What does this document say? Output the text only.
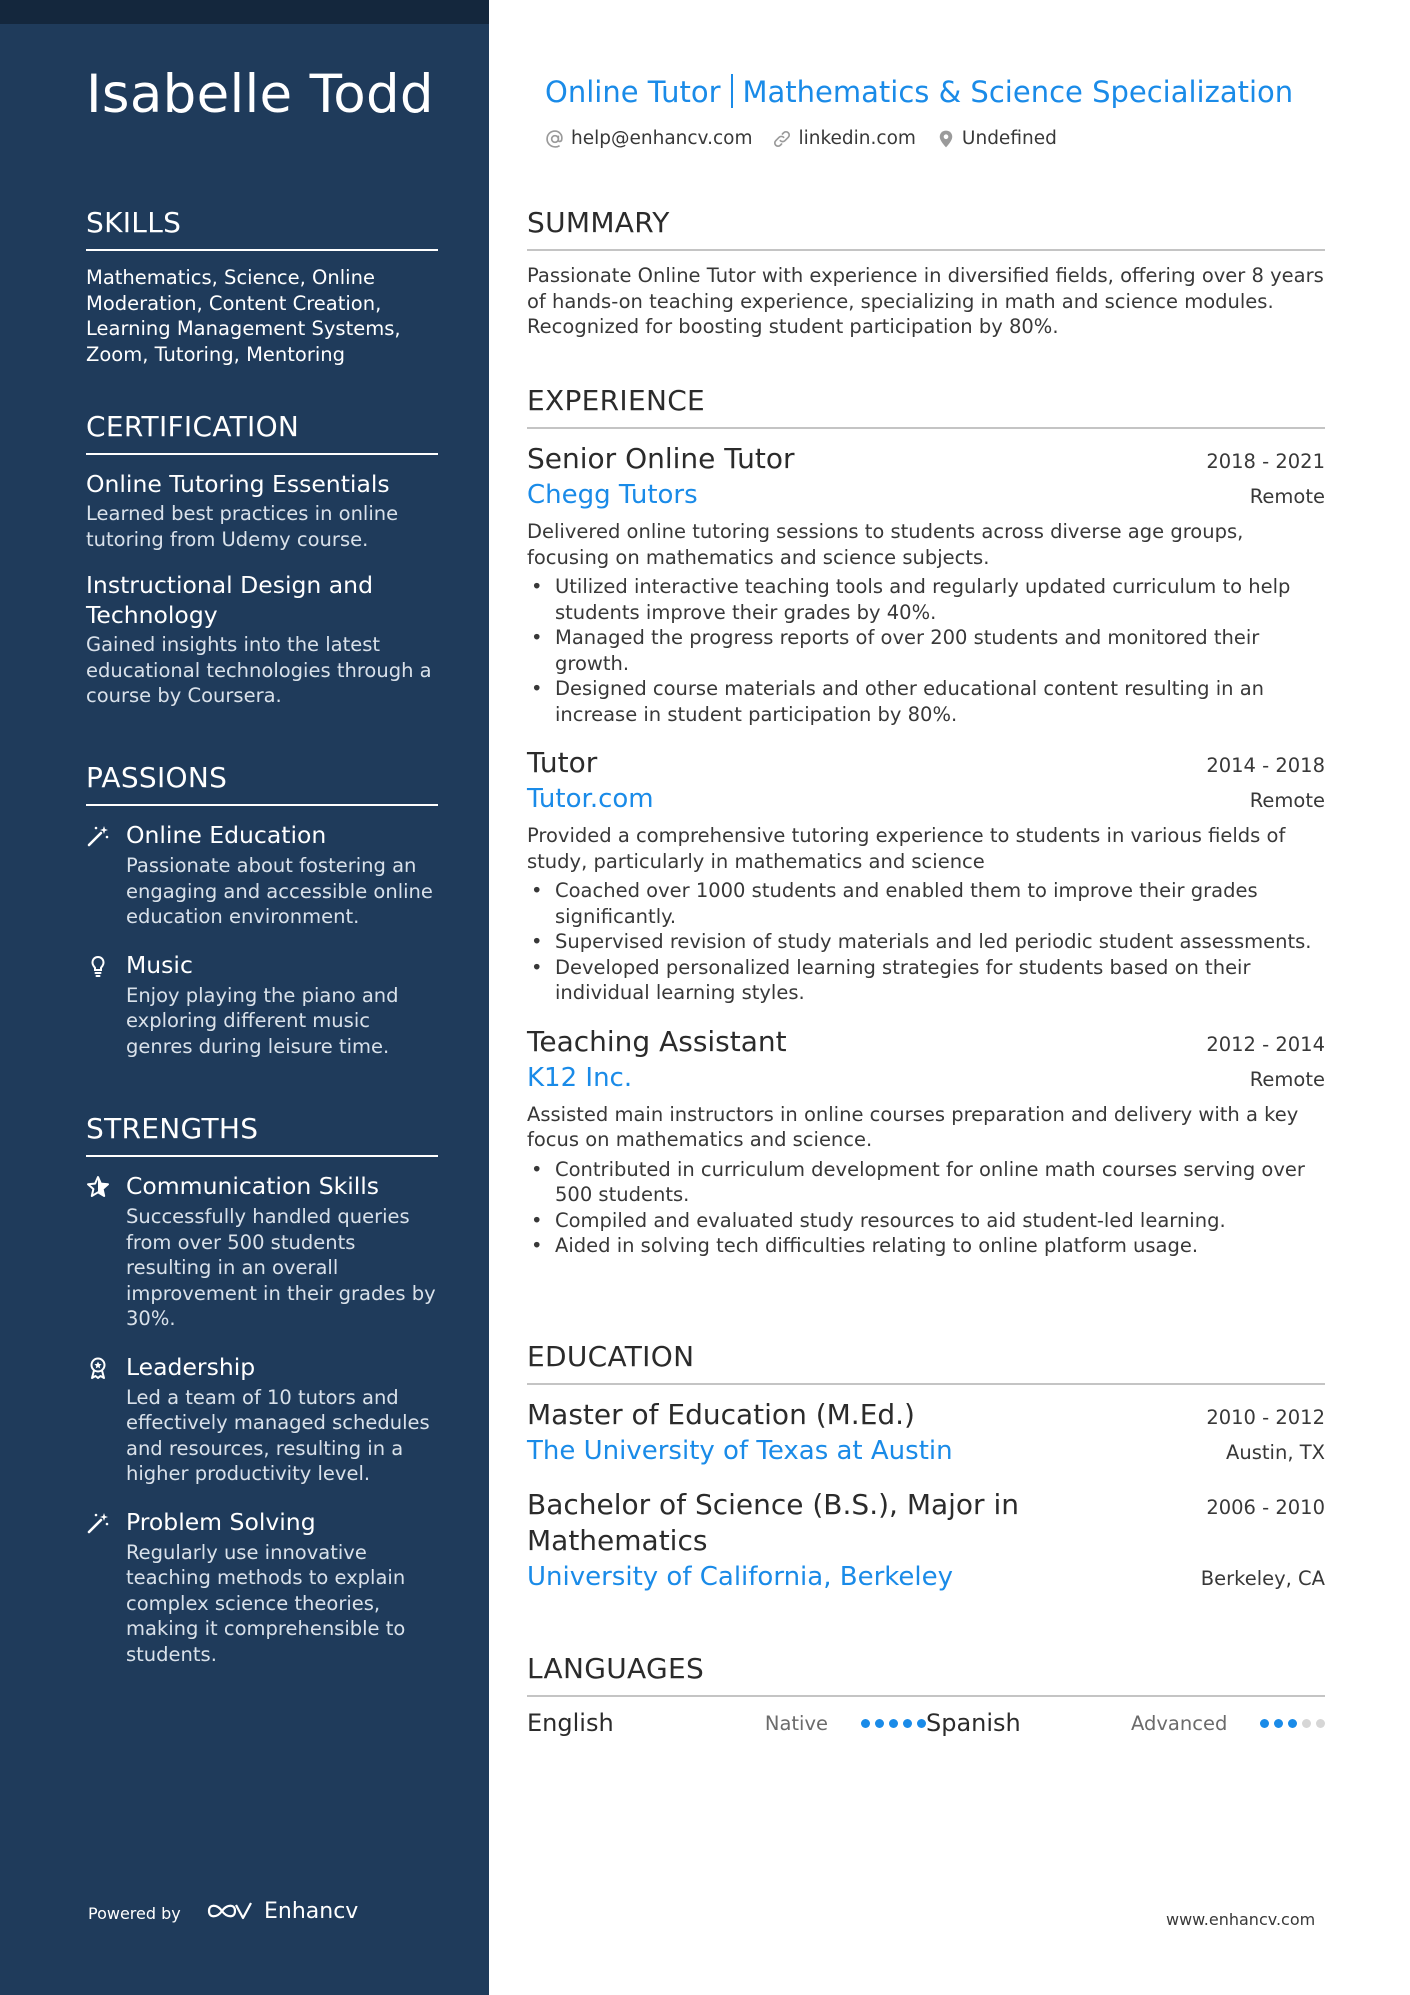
Isabelle Todd
SKILLS
Mathematics, Science, Online Moderation, Content Creation, Learning Management Systems, Zoom, Tutoring, Mentoring
CERTIFICATION
Online Tutoring Essentials
Learned best practices in online tutoring from Udemy course.
Instructional Design and Technology
Gained insights into the latest educational technologies through a course by Coursera.
PASSIONS
Online Education
Passionate about fostering an engaging and accessible online education environment.
Music
Enjoy playing the piano and exploring different music genres during leisure time.
STRENGTHS
Communication Skills
Successfully handled queries from over 500 students resulting in an overall improvement in their grades by 30%.
Leadership
Led a team of 10 tutors and effectively managed schedules and resources, resulting in a higher productivity level.
Problem Solving
Regularly use innovative teaching methods to explain complex science theories, making it comprehensible to students.
Powered by	Enhancv
Online Tutor Mathematics & Science Specialization
help@enhancv.com linkedin.com Undefined
SUMMARY
Passionate Online Tutor with experience in diversified fields, offering over 8 years of hands-on teaching experience, specializing in math and science modules. Recognized for boosting student participation by 80%.
EXPERIENCE
Senior Online Tutor	2018 - 2021
Chegg Tutors	Remote
Delivered online tutoring sessions to students across diverse age groups, focusing on mathematics and science subjects.
• Utilized interactive teaching tools and regularly updated curriculum to help students improve their grades by 40%.
• Managed the progress reports of over 200 students and monitored their growth.
• Designed course materials and other educational content resulting in an increase in student participation by 80%.
Tutor	2014 - 2018
Tutor.com	Remote
Provided a comprehensive tutoring experience to students in various fields of study, particularly in mathematics and science
• Coached over 1000 students and enabled them to improve their grades significantly.
• Supervised revision of study materials and led periodic student assessments.
• Developed personalized learning strategies for students based on their individual learning styles.
Teaching Assistant	2012 - 2014
K12 Inc.	Remote
Assisted main instructors in online courses preparation and delivery with a key focus on mathematics and science.
• Contributed in curriculum development for online math courses serving over 500 students.
• Compiled and evaluated study resources to aid student-led learning.
• Aided in solving tech difficulties relating to online platform usage.
EDUCATION
Master of Education (M.Ed.)	2010 - 2012
The University of Texas at Austin	Austin, TX
Bachelor of Science (B.S.), Major in Mathematics
2006 - 2010
University of California, Berkeley	Berkeley, CA
LANGUAGES
English	Native	Spanish	Advanced
www.enhancv.com
